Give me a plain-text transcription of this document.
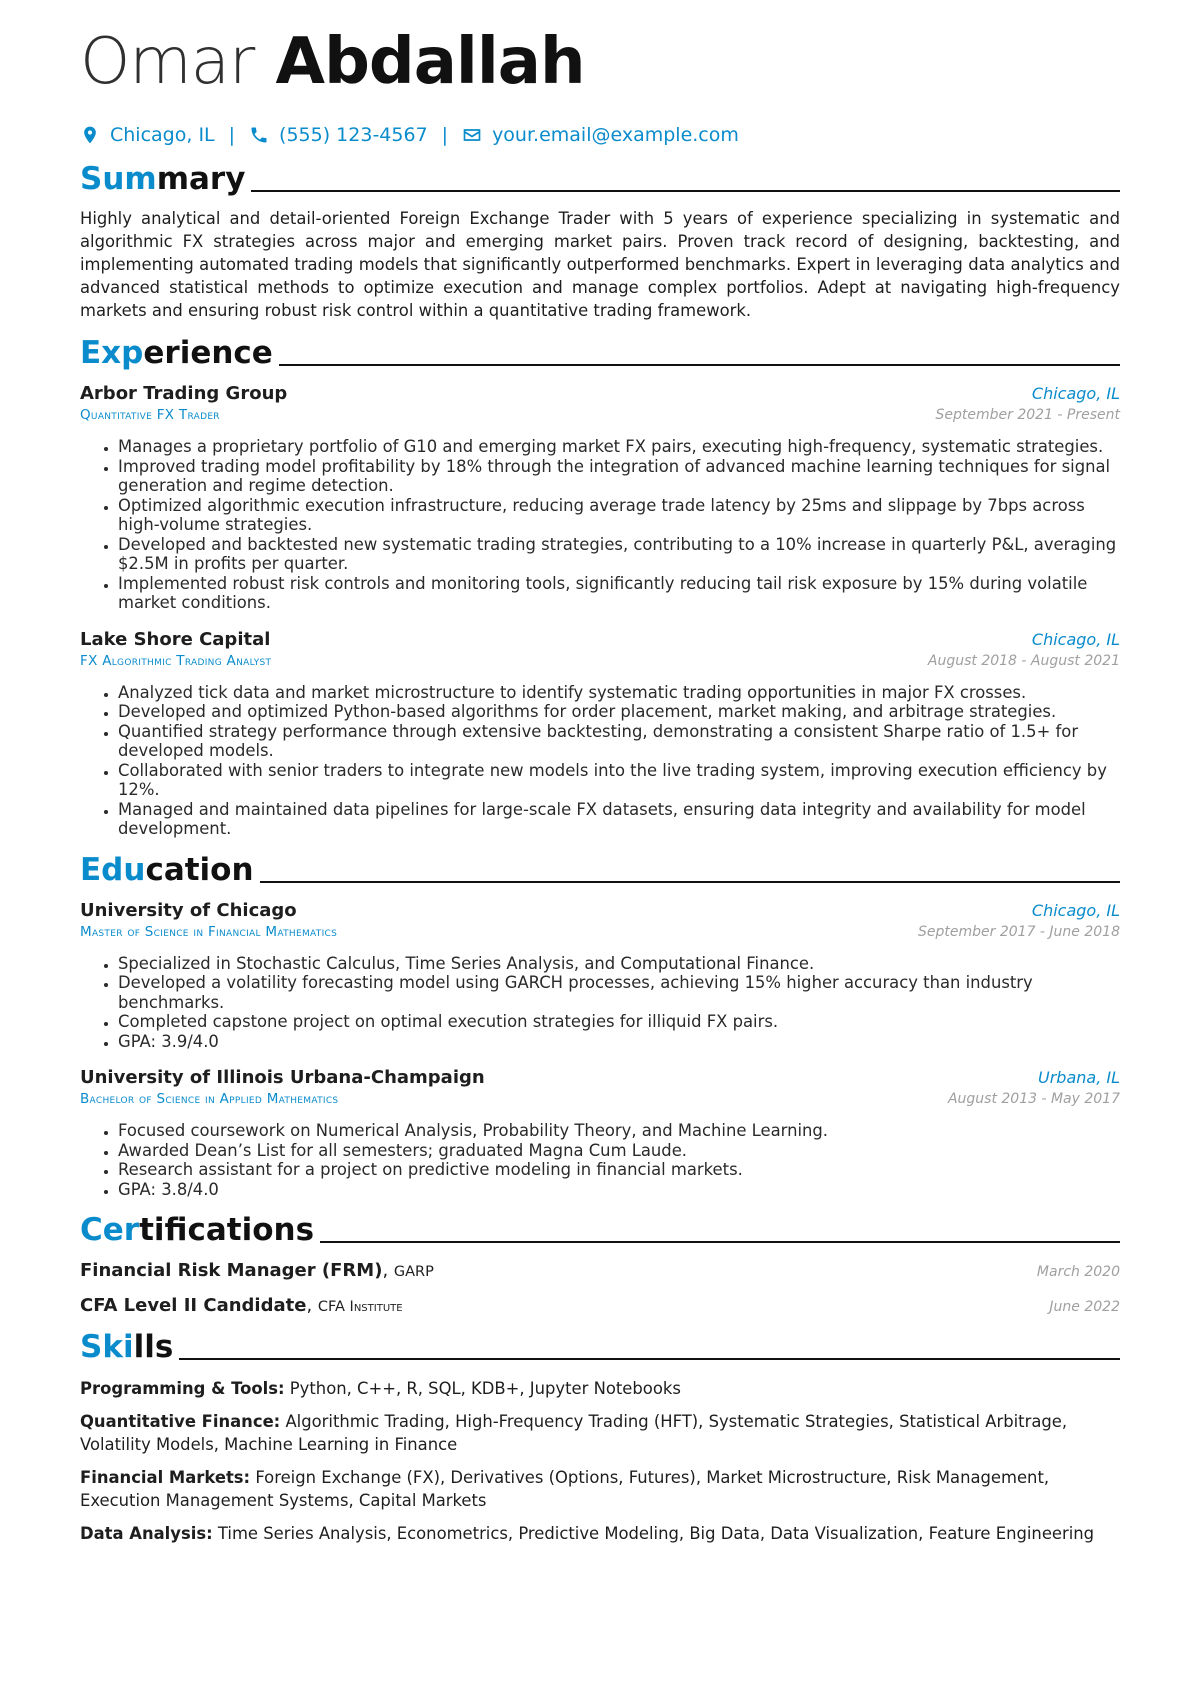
Omar Abdallah
Chicago, IL | (555) 123-4567 | your.email@example.com
Summary
Highly analytical and detail-oriented Foreign Exchange Trader with 5 years of experience specializing in systematic and algorithmic FX strategies across major and emerging market pairs. Proven track record of designing, backtesting, and implementing automated trading models that significantly outperformed benchmarks. Expert in leveraging data analytics and advanced statistical methods to optimize execution and manage complex portfolios. Adept at navigating high-frequency markets and ensuring robust risk control within a quantitative trading framework.
Experience
Arbor Trading Group	Chicago, IL
Quantitative FX Trader	September 2021 - Present
• Manages a proprietary portfolio of G10 and emerging market FX pairs, executing high-frequency, systematic strategies.
• Improved trading model profitability by 18% through the integration of advanced machine learning techniques for signal generation and regime detection.
• Optimized algorithmic execution infrastructure, reducing average trade latency by 25ms and slippage by 7bps across high-volume strategies.
• Developed and backtested new systematic trading strategies, contributing to a 10% increase in quarterly P&L, averaging $2.5M in profits per quarter.
• Implemented robust risk controls and monitoring tools, significantly reducing tail risk exposure by 15% during volatile market conditions.
Lake Shore Capital	Chicago, IL
FX Algorithmic Trading Analyst	August 2018 - August 2021
• Analyzed tick data and market microstructure to identify systematic trading opportunities in major FX crosses.
• Developed and optimized Python-based algorithms for order placement, market making, and arbitrage strategies.
• Quantified strategy performance through extensive backtesting, demonstrating a consistent Sharpe ratio of 1.5+ for developed models.
• Collaborated with senior traders to integrate new models into the live trading system, improving execution efficiency by 12%.
• Managed and maintained data pipelines for large-scale FX datasets, ensuring data integrity and availability for model development.
Education
University of Chicago	Chicago, IL
Master of Science in Financial Mathematics	September 2017 - June 2018
• Specialized in Stochastic Calculus, Time Series Analysis, and Computational Finance.
• Developed a volatility forecasting model using GARCH processes, achieving 15% higher accuracy than industry benchmarks.
• Completed capstone project on optimal execution strategies for illiquid FX pairs.
• GPA: 3.9/4.0
University of Illinois Urbana-Champaign	Urbana, IL
Bachelor of Science in Applied Mathematics	August 2013 - May 2017
• Focused coursework on Numerical Analysis, Probability Theory, and Machine Learning.
• Awarded Dean’s List for all semesters; graduated Magna Cum Laude.
• Research assistant for a project on predictive modeling in financial markets.
• GPA: 3.8/4.0
Certifications
Financial Risk Manager (FRM), GARP	March 2020
CFA Level II Candidate, CFA Institute	June 2022
Skills
Programming & Tools: Python, C++, R, SQL, KDB+, Jupyter Notebooks
Quantitative Finance: Algorithmic Trading, High-Frequency Trading (HFT), Systematic Strategies, Statistical Arbitrage, Volatility Models, Machine Learning in Finance
Financial Markets: Foreign Exchange (FX), Derivatives (Options, Futures), Market Microstructure, Risk Management, Execution Management Systems, Capital Markets
Data Analysis: Time Series Analysis, Econometrics, Predictive Modeling, Big Data, Data Visualization, Feature Engineering
